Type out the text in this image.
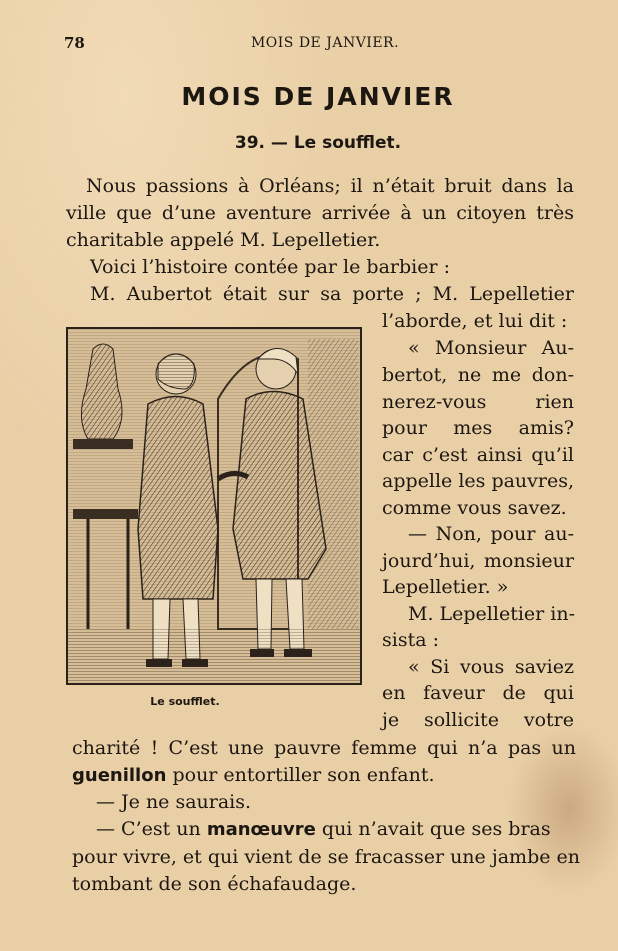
78	MOIS DE JANVIER.
MOIS DE JANVIER
39. — Le soufflet.
Nous passions à Orléans; il n’était bruit dans la
ville que d’une aventure arrivée à un citoyen très
charitable appelé M. Lepelletier.
Voici l’histoire contée par le barbier :
M. Aubertot était sur sa porte ; M. Lepelletier
l’aborde, et lui dit :
« Monsieur Au-
bertot, ne me don-
nerez-vous rien
pour mes amis?
car c’est ainsi qu’il
appelle les pauvres,
comme vous savez.
— Non, pour au-
jourd’hui, monsieur
Lepelletier. »
M. Lepelletier in-
sista :
« Si vous saviez
en faveur de qui
je sollicite votre
charité ! C’est une pauvre femme qui n’a pas un
guenillon pour entortiller son enfant.
— Je ne saurais.
— C’est un manœuvre qui n’avait que ses bras
pour vivre, et qui vient de se fracasser une jambe en
tombant de son échafaudage.
Le soufflet.
